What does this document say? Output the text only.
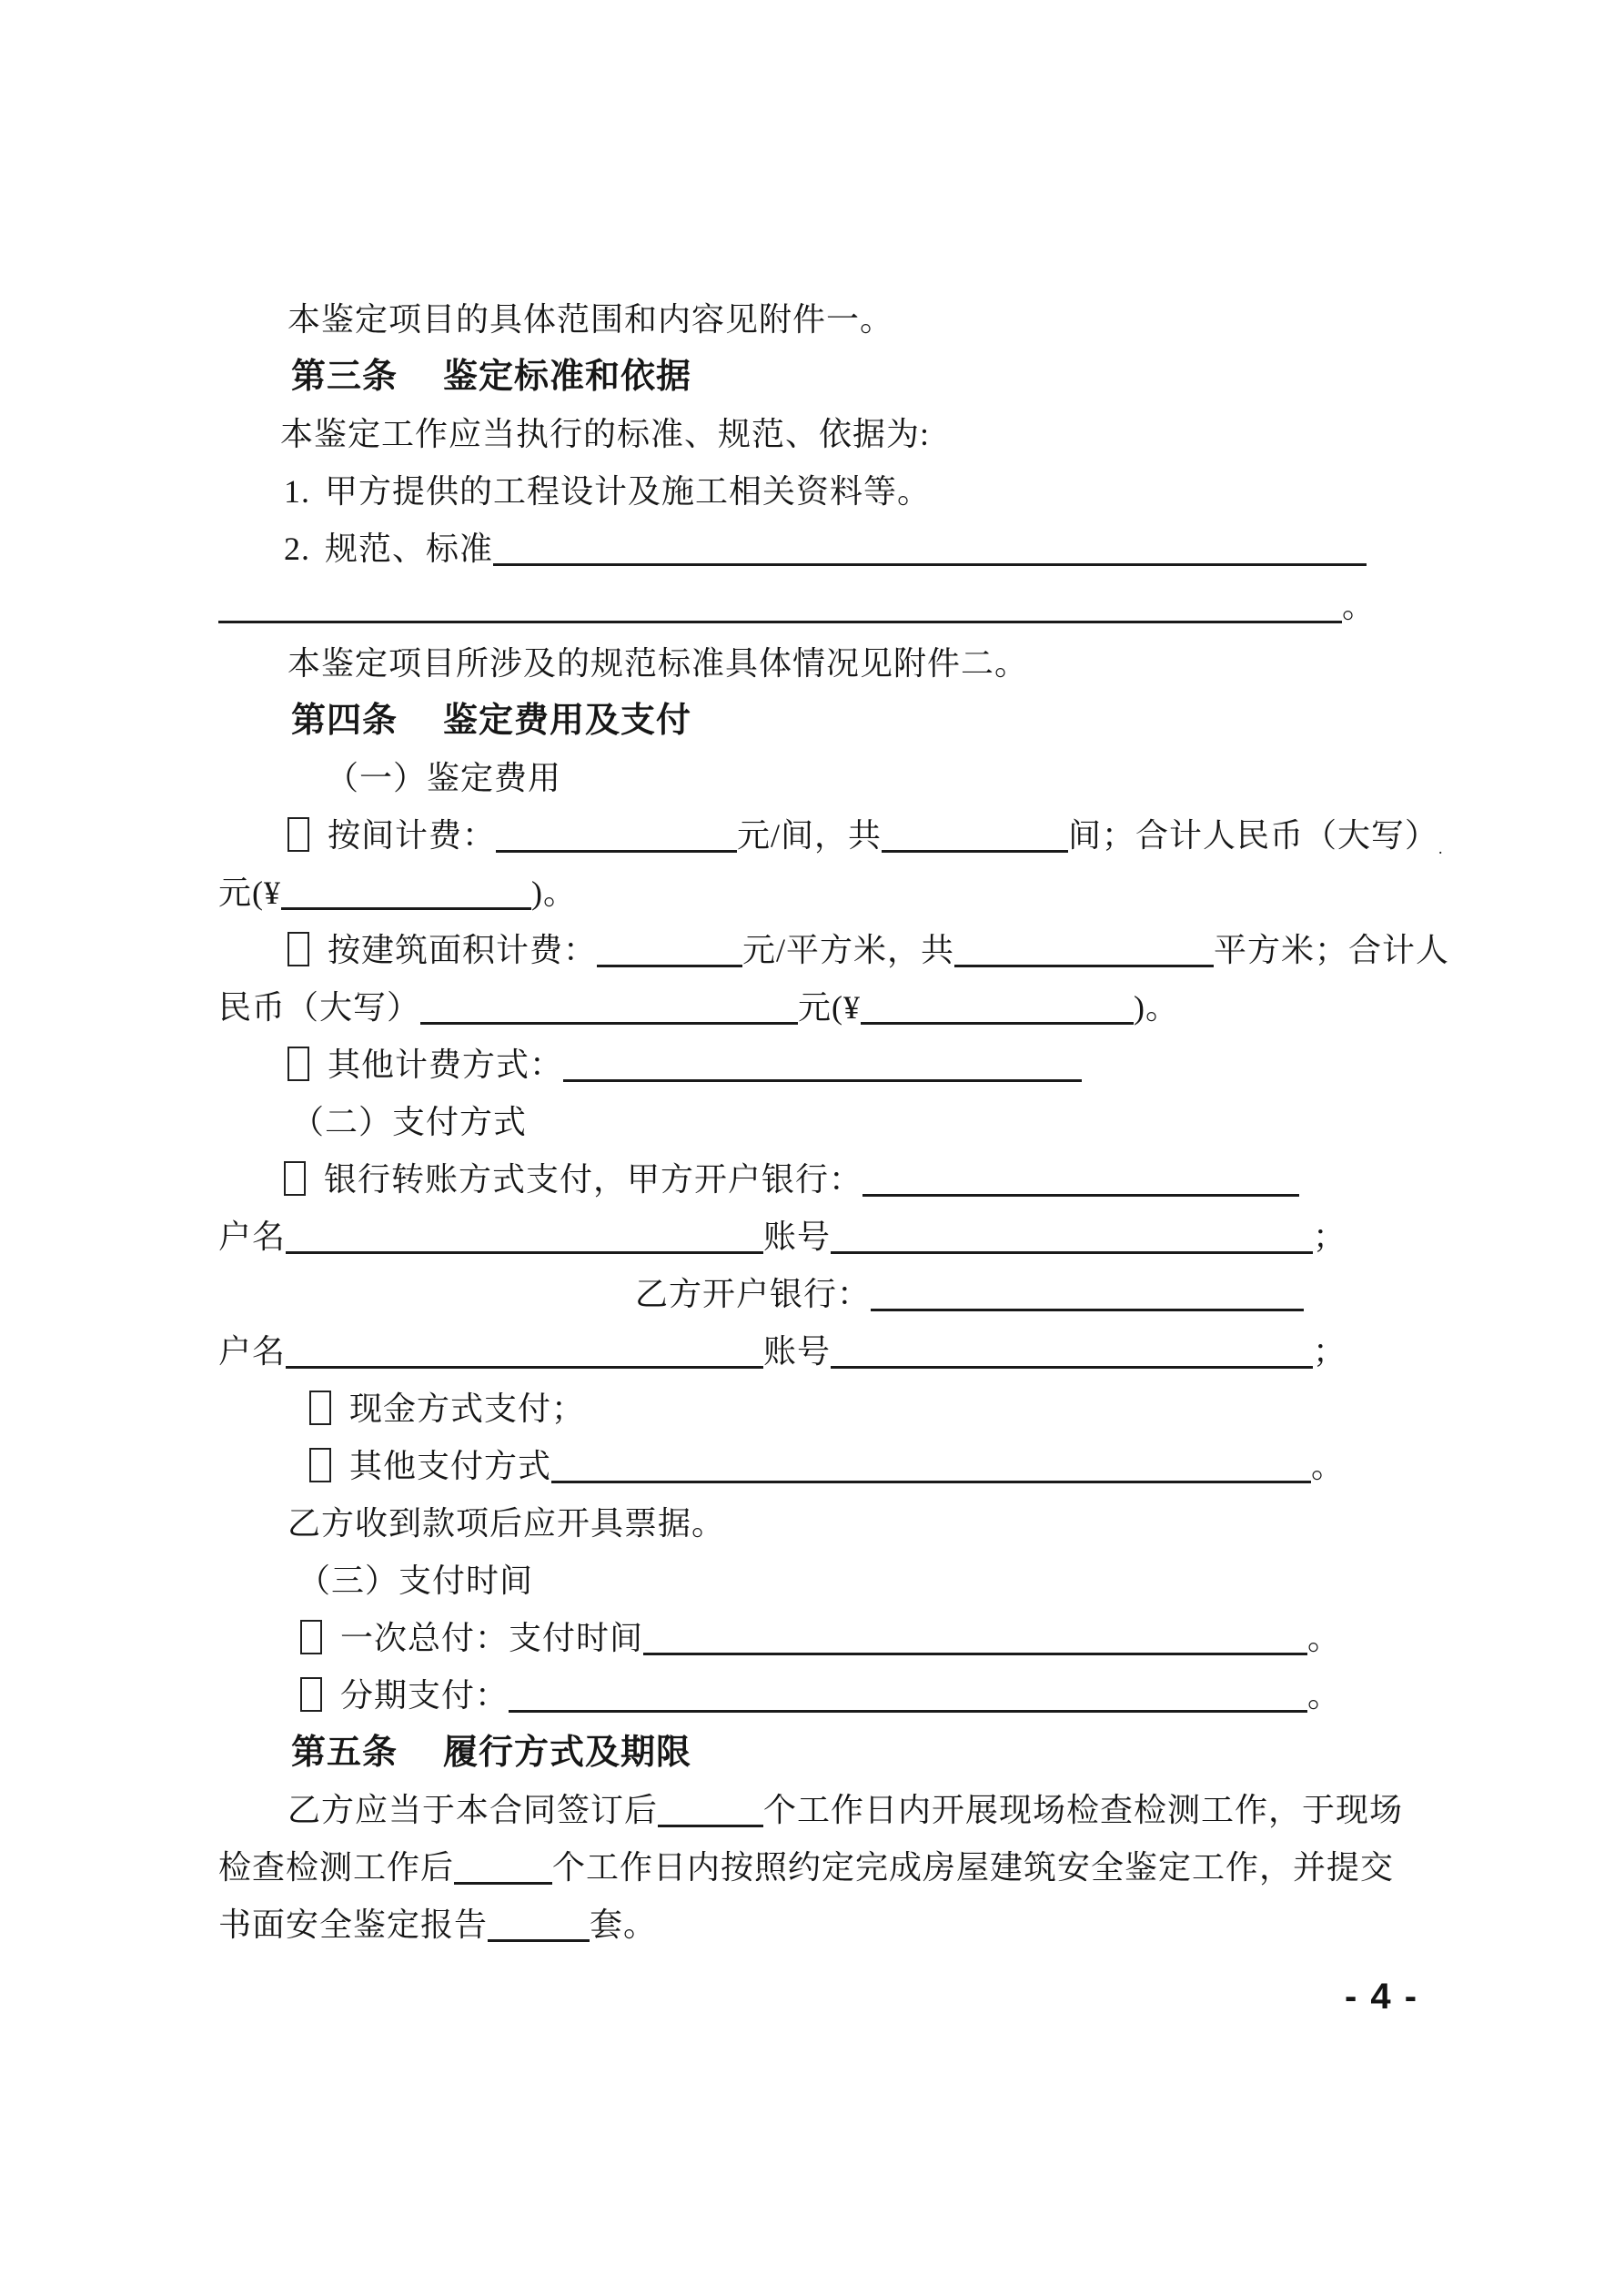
本鉴定项目的具体范围和内容见附件一。
第三条 鉴定标准和依据
本鉴定工作应当执行的标准、规范、依据为:
1. 甲方提供的工程设计及施工相关资料等。
2. 规范、标准
。
本鉴定项目所涉及的规范标准具体情况见附件二。
第四条 鉴定费用及支付
（一）鉴定费用
按间计费：	元/间，共	间；合计人民币（大写）$_.$
元(¥	)。
按建筑面积计费：	元/平方米，共	平方米；合计人
民币（大写）	元(¥	)。
其他计费方式：
（二）支付方式
银行转账方式支付，甲方开户银行：
户名	账号	；
乙方开户银行：
户名	账号	；
现金方式支付；
其他支付方式	。
乙方收到款项后应开具票据。
（三）支付时间
一次总付：支付时间	。
分期支付：	。
第五条 履行方式及期限
乙方应当于本合同签订后	个工作日内开展现场检查检测工作，于现场
检查检测工作后	个工作日内按照约定完成房屋建筑安全鉴定工作，并提交
书面安全鉴定报告	套。
- 4 -
